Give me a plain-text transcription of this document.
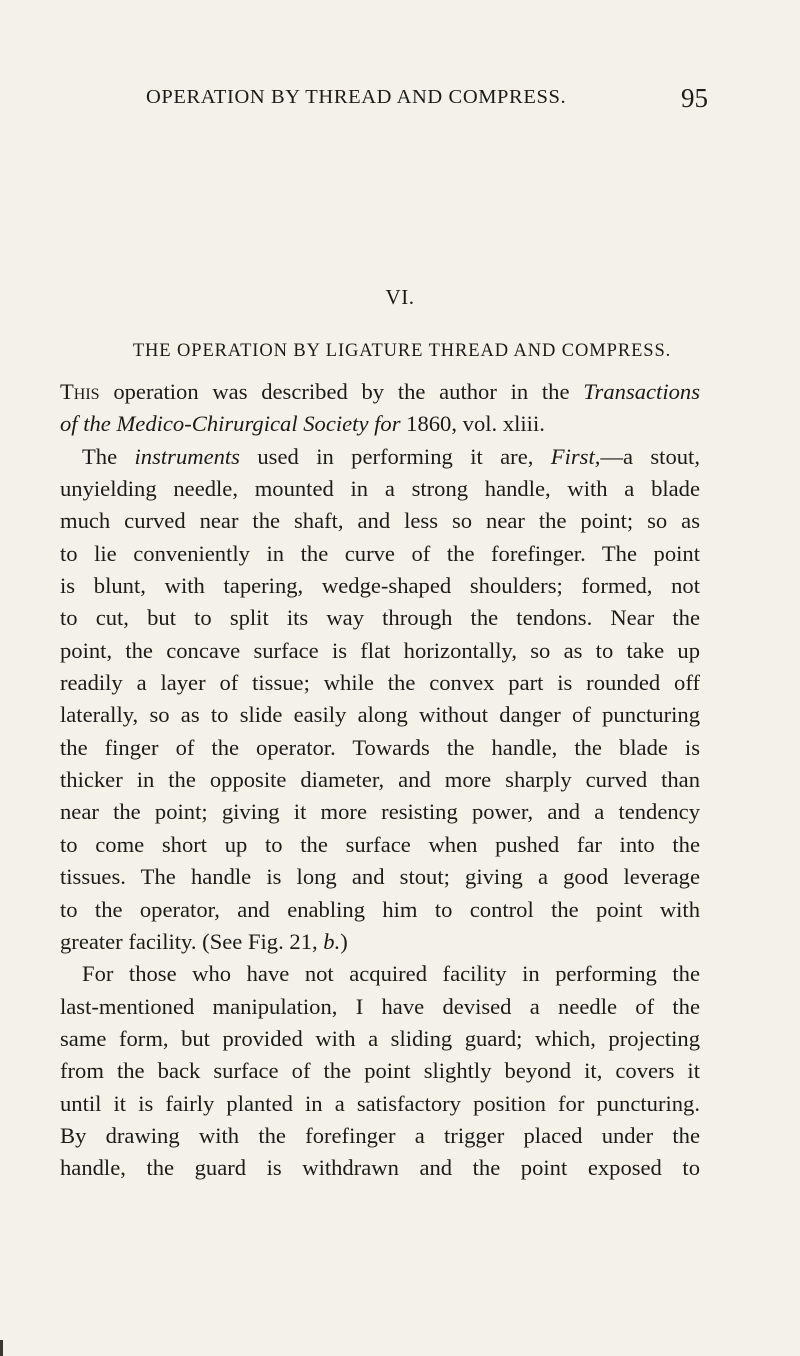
OPERATION BY THREAD AND COMPRESS.	95
VI.
THE OPERATION BY LIGATURE THREAD AND COMPRESS.
This operation was described by the author in the Transactions
of the Medico-Chirurgical Society for 1860, vol. xliii.
The instruments used in performing it are, First,—a stout,
unyielding needle, mounted in a strong handle, with a blade
much curved near the shaft, and less so near the point; so as
to lie conveniently in the curve of the forefinger. The point
is blunt, with tapering, wedge-shaped shoulders; formed, not
to cut, but to split its way through the tendons. Near the
point, the concave surface is flat horizontally, so as to take up
readily a layer of tissue; while the convex part is rounded off
laterally, so as to slide easily along without danger of puncturing
the finger of the operator. Towards the handle, the blade is
thicker in the opposite diameter, and more sharply curved than
near the point; giving it more resisting power, and a tendency
to come short up to the surface when pushed far into the
tissues. The handle is long and stout; giving a good leverage
to the operator, and enabling him to control the point with
greater facility. (See Fig. 21, b.)
For those who have not acquired facility in performing the
last-mentioned manipulation, I have devised a needle of the
same form, but provided with a sliding guard; which, projecting
from the back surface of the point slightly beyond it, covers it
until it is fairly planted in a satisfactory position for puncturing.
By drawing with the forefinger a trigger placed under the
handle, the guard is withdrawn and the point exposed to
